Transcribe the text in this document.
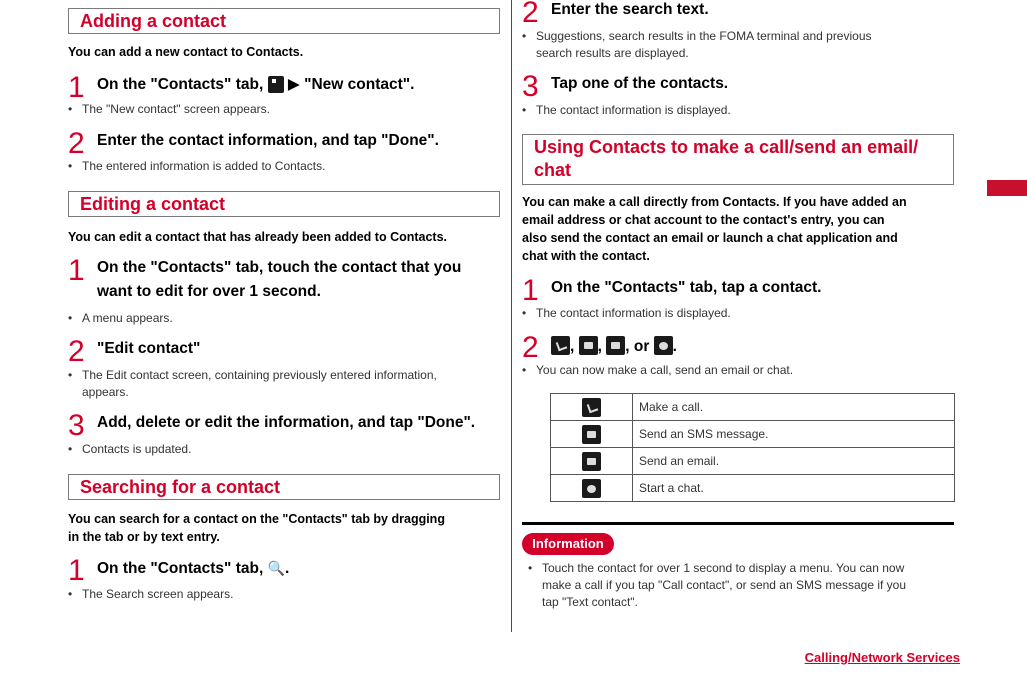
Adding a contact
You can add a new contact to Contacts.
1 On the "Contacts" tab,  ▶ "New contact".
• The "New contact" screen appears.
2 Enter the contact information, and tap "Done".
• The entered information is added to Contacts.
Editing a contact
You can edit a contact that has already been added to Contacts.
1 On the "Contacts" tab, touch the contact that you
want to edit for over 1 second.
• A menu appears.
2 "Edit contact"
• The Edit contact screen, containing previously entered information,
appears.
3 Add, delete or edit the information, and tap "Done".
• Contacts is updated.
Searching for a contact
You can search for a contact on the "Contacts" tab by dragging
in the tab or by text entry.
1 On the "Contacts" tab, 🔍.
• The Search screen appears.
2 Enter the search text.
• Suggestions, search results in the FOMA terminal and previous
search results are displayed.
3 Tap one of the contacts.
• The contact information is displayed.
Using Contacts to make a call/send an email/
chat
You can make a call directly from Contacts. If you have added an
email address or chat account to the contact's entry, you can
also send the contact an email or launch a chat application and
chat with the contact.
1 On the "Contacts" tab, tap a contact.
• The contact information is displayed.
2	, , , or .
• You can now make a call, send an email or chat.
	Make a call.
	Send an SMS message.
	Send an email.
	Start a chat.
Information
• Touch the contact for over 1 second to display a menu. You can now
make a call if you tap "Call contact", or send an SMS message if you
tap "Text contact".
Calling/Network Services
